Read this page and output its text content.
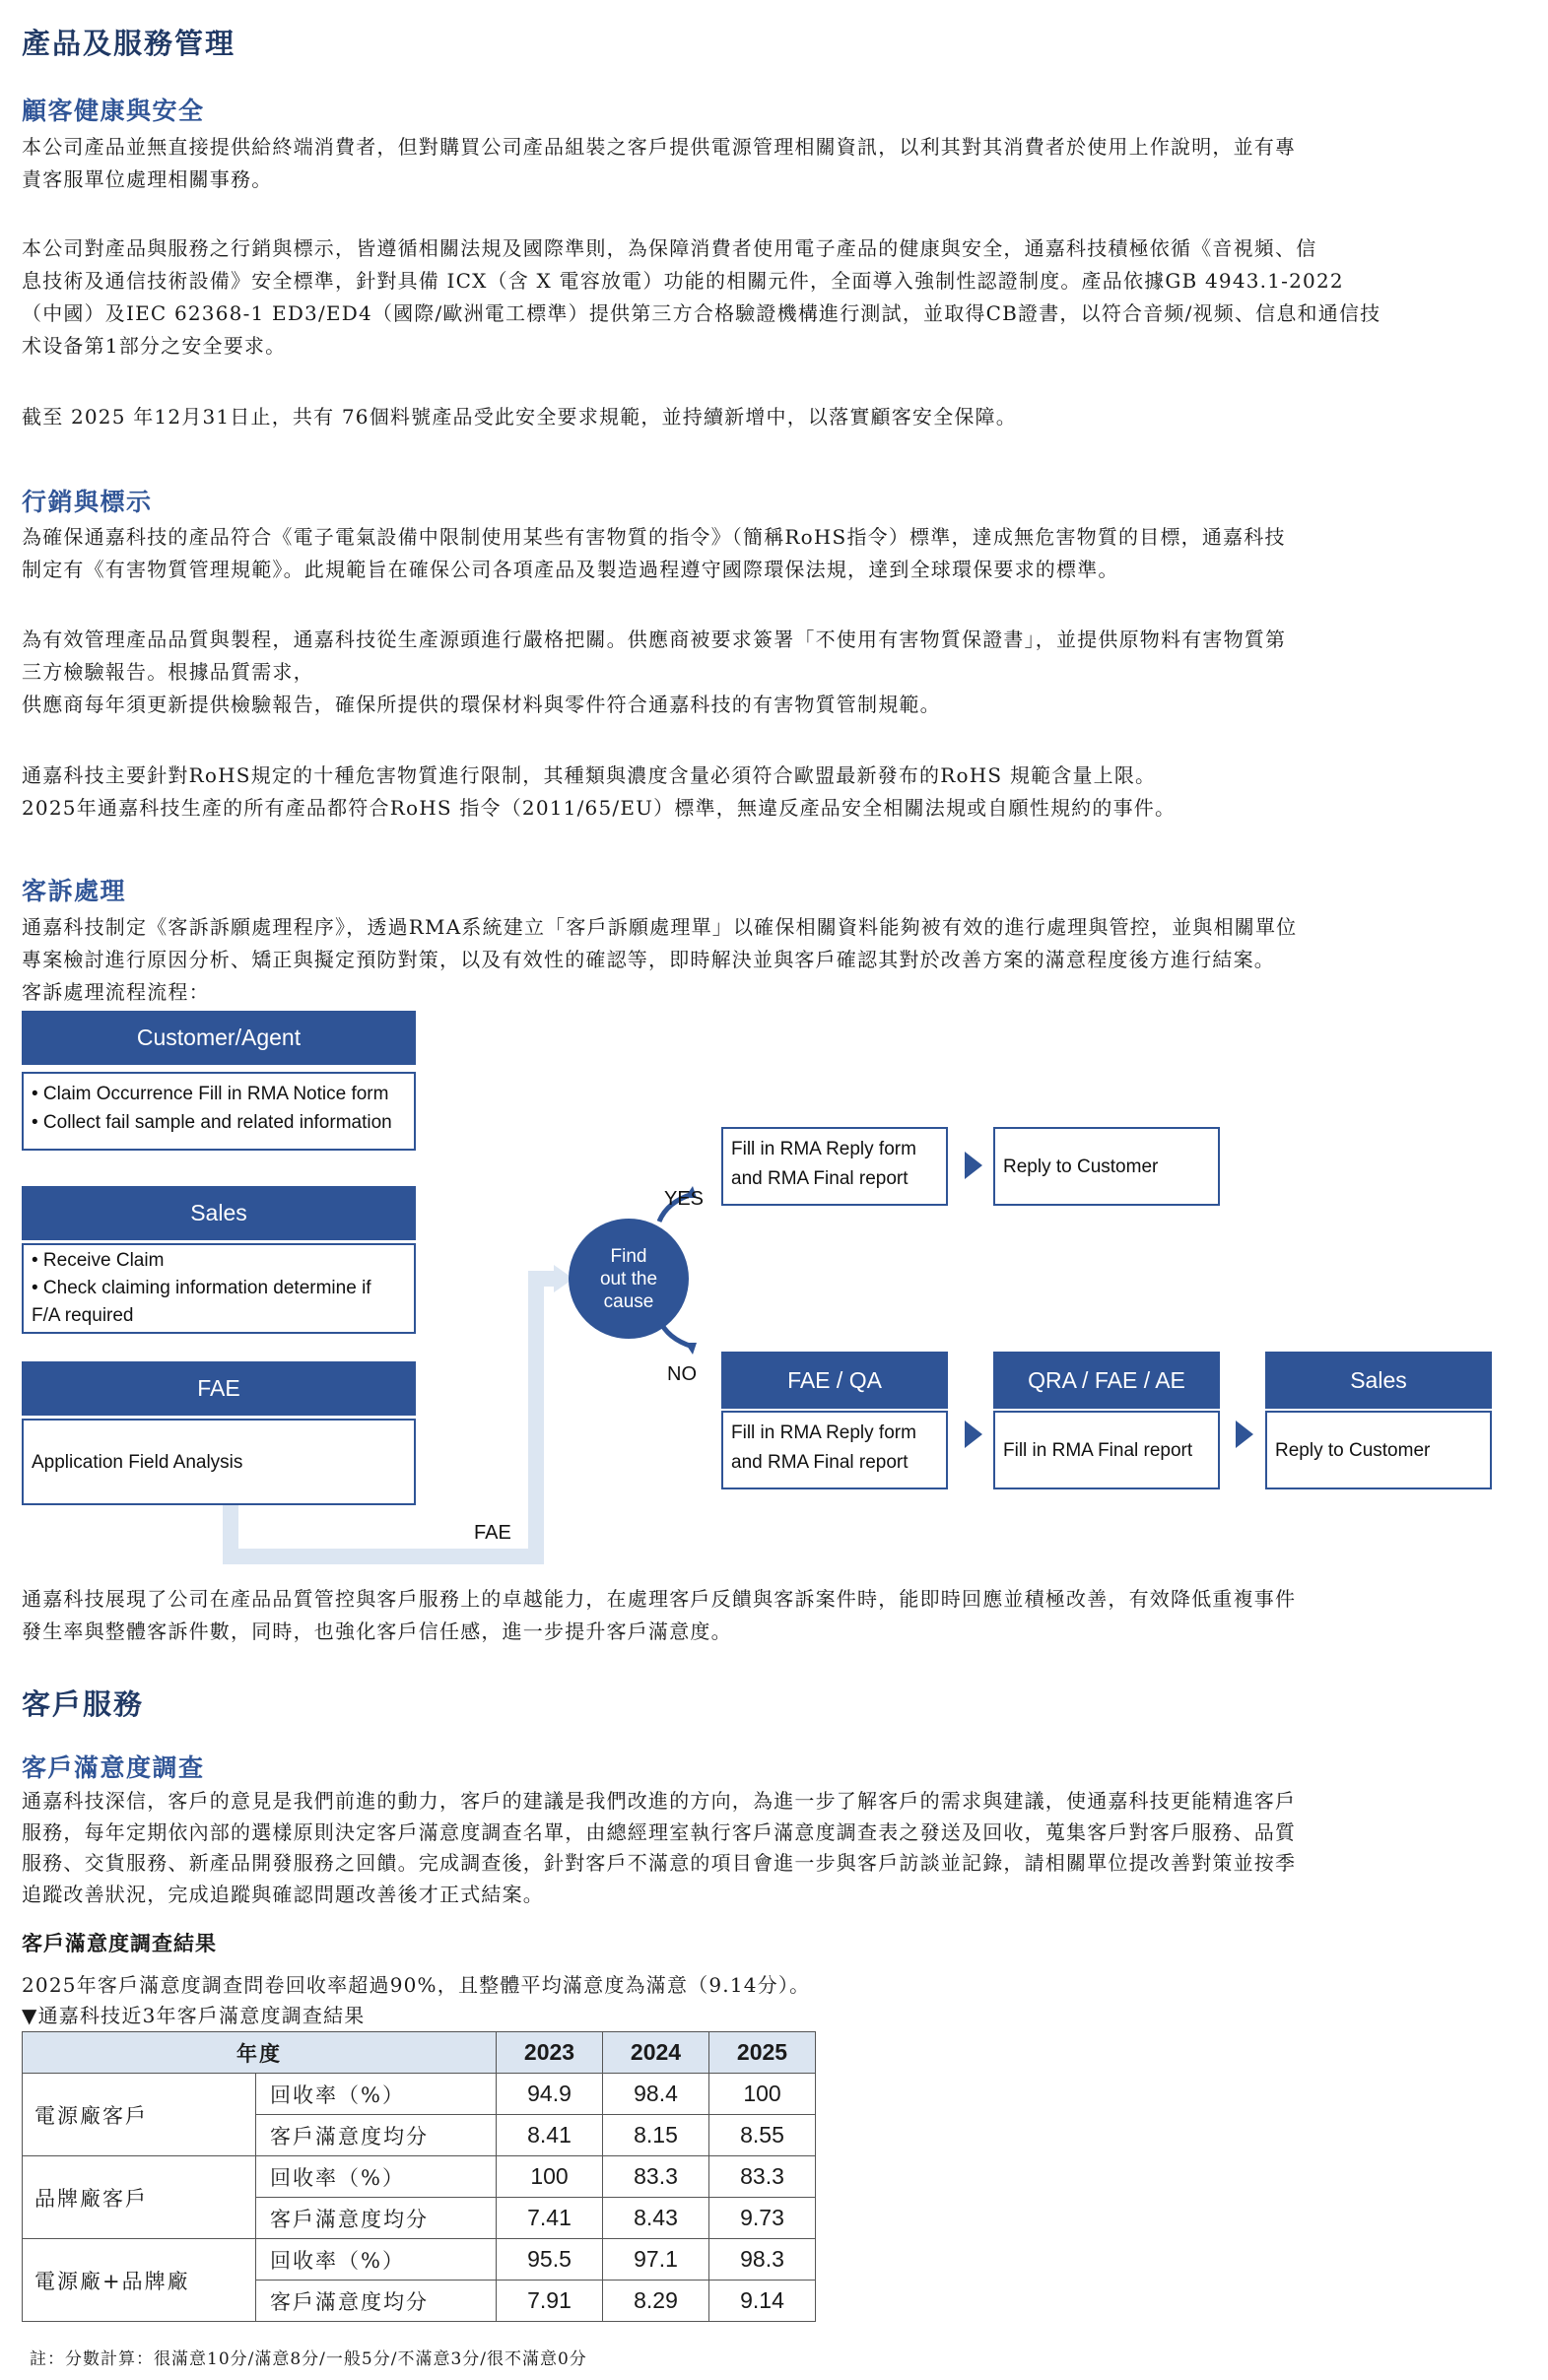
產品及服務管理
顧客健康與安全
本公司產品並無直接提供給終端消費者，但對購買公司產品組裝之客戶提供電源管理相關資訊，以利其對其消費者於使用上作說明，並有專
責客服單位處理相關事務。
本公司對產品與服務之行銷與標示，皆遵循相關法規及國際準則，為保障消費者使用電子產品的健康與安全，通嘉科技積極依循《音視頻、信
息技術及通信技術設備》安全標準，針對具備 ICX（含 X 電容放電）功能的相關元件，全面導入強制性認證制度。產品依據GB 4943.1-2022
（中國）及IEC 62368-1 ED3/ED4（國際/歐洲電工標準）提供第三方合格驗證機構進行測試，並取得CB證書，以符合音频/视频、信息和通信技
术设备第1部分之安全要求。
截至 2025 年12月31日止，共有 76個料號產品受此安全要求規範，並持續新增中，以落實顧客安全保障。
行銷與標示
為確保通嘉科技的產品符合《電子電氣設備中限制使用某些有害物質的指令》（簡稱RoHS指令）標準，達成無危害物質的目標，通嘉科技
制定有《有害物質管理規範》。此規範旨在確保公司各項產品及製造過程遵守國際環保法規，達到全球環保要求的標準。
為有效管理產品品質與製程，通嘉科技從生產源頭進行嚴格把關。供應商被要求簽署「不使用有害物質保證書」，並提供原物料有害物質第
三方檢驗報告。根據品質需求，
供應商每年須更新提供檢驗報告，確保所提供的環保材料與零件符合通嘉科技的有害物質管制規範。
通嘉科技主要針對RoHS規定的十種危害物質進行限制，其種類與濃度含量必須符合歐盟最新發布的RoHS 規範含量上限。
2025年通嘉科技生產的所有產品都符合RoHS 指令（2011/65/EU）標準，無違反產品安全相關法規或自願性規約的事件。
客訴處理
通嘉科技制定《客訴訴願處理程序》，透過RMA系統建立「客戶訴願處理單」以確保相關資料能夠被有效的進行處理與管控，並與相關單位
專案檢討進行原因分析、矯正與擬定預防對策，以及有效性的確認等，即時解決並與客戶確認其對於改善方案的滿意程度後方進行結案。
客訴處理流程流程：
Customer/Agent
• Claim Occurrence Fill in RMA Notice form
• Collect fail sample and related information
Sales
• Receive Claim
• Check claiming information determine if
F/A required
FAE
Application Field Analysis
FAE
Find
out the
cause
YES
NO
Fill in RMA Reply form
and RMA Final report
Reply to Customer
FAE / QA
Fill in RMA Reply form
and RMA Final report
QRA / FAE / AE
Fill in RMA Final report
Sales
Reply to Customer
通嘉科技展現了公司在產品品質管控與客戶服務上的卓越能力，在處理客戶反饋與客訴案件時，能即時回應並積極改善，有效降低重複事件
發生率與整體客訴件數，同時，也強化客戶信任感，進一步提升客戶滿意度。
客戶服務
客戶滿意度調查
通嘉科技深信，客戶的意見是我們前進的動力，客戶的建議是我們改進的方向，為進一步了解客戶的需求與建議，使通嘉科技更能精進客戶
服務，每年定期依內部的選樣原則決定客戶滿意度調查名單，由總經理室執行客戶滿意度調查表之發送及回收，蒐集客戶對客戶服務、品質
服務、交貨服務、新產品開發服務之回饋。完成調查後，針對客戶不滿意的項目會進一步與客戶訪談並記錄，請相關單位提改善對策並按季
追蹤改善狀況，完成追蹤與確認問題改善後才正式結案。
客戶滿意度調查結果
2025年客戶滿意度調查問卷回收率超過90%，且整體平均滿意度為滿意（9.14分）。
▼通嘉科技近3年客戶滿意度調查結果
年度		2023	2024	2025
電源廠客戶	回收率（%）	94.9	98.4	100
	客戶滿意度均分	8.41	8.15	8.55
品牌廠客戶	回收率（%）	100	83.3	83.3
	客戶滿意度均分	7.41	8.43	9.73
電源廠+品牌廠	回收率（%）	95.5	97.1	98.3
	客戶滿意度均分	7.91	8.29	9.14
註：分數計算：很滿意10分/滿意8分/一般5分/不滿意3分/很不滿意0分
